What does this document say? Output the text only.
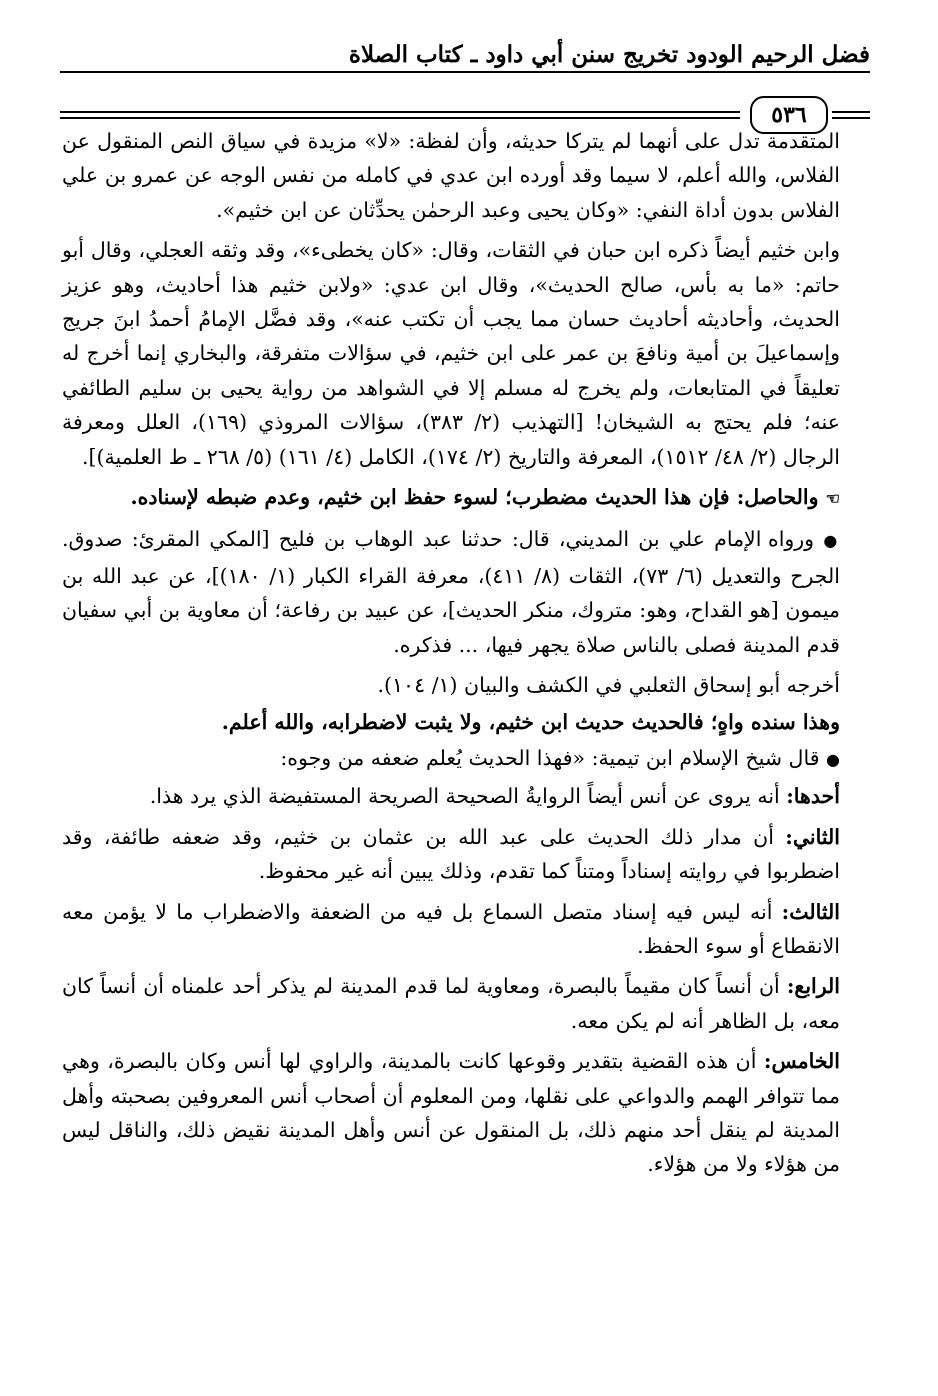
فضل الرحيم الودود تخريج سنن أبي داود ـ كتاب الصلاة
٥٣٦

المتقدمة تدل على أنهما لم يتركا حديثه، وأن لفظة: «لا» مزيدة في سياق النص المنقول عن الفلاس، والله أعلم، لا سيما وقد أورده ابن عدي في كامله من نفس الوجه عن عمرو بن علي الفلاس بدون أداة النفي: «وكان يحيى وعبد الرحمٰن يحدِّثان عن ابن خثيم».

وابن خثيم أيضاً ذكره ابن حبان في الثقات، وقال: «كان يخطىء»، وقد وثقه العجلي، وقال أبو حاتم: «ما به بأس، صالح الحديث»، وقال ابن عدي: «ولابن خثيم هذا أحاديث، وهو عزيز الحديث، وأحاديثه أحاديث حسان مما يجب أن تكتب عنه»، وقد فضَّل الإمامُ أحمدُ ابنَ جريج وإسماعيلَ بن أمية ونافعَ بن عمر على ابن خثيم، في سؤالات متفرقة، والبخاري إنما أخرج له تعليقاً في المتابعات، ولم يخرج له مسلم إلا في الشواهد من رواية يحيى بن سليم الطائفي عنه؛ فلم يحتج به الشيخان! [التهذيب (٢/ ٣٨٣)، سؤالات المروذي (١٦٩)، العلل ومعرفة الرجال (٢/ ٤٨/ ١٥١٢)، المعرفة والتاريخ (٢/ ١٧٤)، الكامل (٤/ ١٦١) (٥/ ٢٦٨ ـ ط العلمية)].

☜ والحاصل: فإن هذا الحديث مضطرب؛ لسوء حفظ ابن خثيم، وعدم ضبطه لإسناده.

● ورواه الإمام علي بن المديني، قال: حدثنا عبد الوهاب بن فليح [المكي المقرئ: صدوق. الجرح والتعديل (٦/ ٧٣)، الثقات (٨/ ٤١١)، معرفة القراء الكبار (١/ ١٨٠)]، عن عبد الله بن ميمون [هو القداح، وهو: متروك، منكر الحديث]، عن عبيد بن رفاعة؛ أن معاوية بن أبي سفيان قدم المدينة فصلى بالناس صلاة يجهر فيها، ... فذكره.

أخرجه أبو إسحاق الثعلبي في الكشف والبيان (١/ ١٠٤).

وهذا سنده واهٍ؛ فالحديث حديث ابن خثيم، ولا يثبت لاضطرابه، والله أعلم.

● قال شيخ الإسلام ابن تيمية: «فهذا الحديث يُعلم ضعفه من وجوه:

أحدها: أنه يروى عن أنس أيضاً الروايةُ الصحيحة الصريحة المستفيضة الذي يرد هذا.

الثاني: أن مدار ذلك الحديث على عبد الله بن عثمان بن خثيم، وقد ضعفه طائفة، وقد اضطربوا في روايته إسناداً ومتناً كما تقدم، وذلك يبين أنه غير محفوظ.

الثالث: أنه ليس فيه إسناد متصل السماع بل فيه من الضعفة والاضطراب ما لا يؤمن معه الانقطاع أو سوء الحفظ.

الرابع: أن أنساً كان مقيماً بالبصرة، ومعاوية لما قدم المدينة لم يذكر أحد علمناه أن أنساً كان معه، بل الظاهر أنه لم يكن معه.

الخامس: أن هذه القضية بتقدير وقوعها كانت بالمدينة، والراوي لها أنس وكان بالبصرة، وهي مما تتوافر الهمم والدواعي على نقلها، ومن المعلوم أن أصحاب أنس المعروفين بصحبته وأهل المدينة لم ينقل أحد منهم ذلك، بل المنقول عن أنس وأهل المدينة نقيض ذلك، والناقل ليس من هؤلاء ولا من هؤلاء.
